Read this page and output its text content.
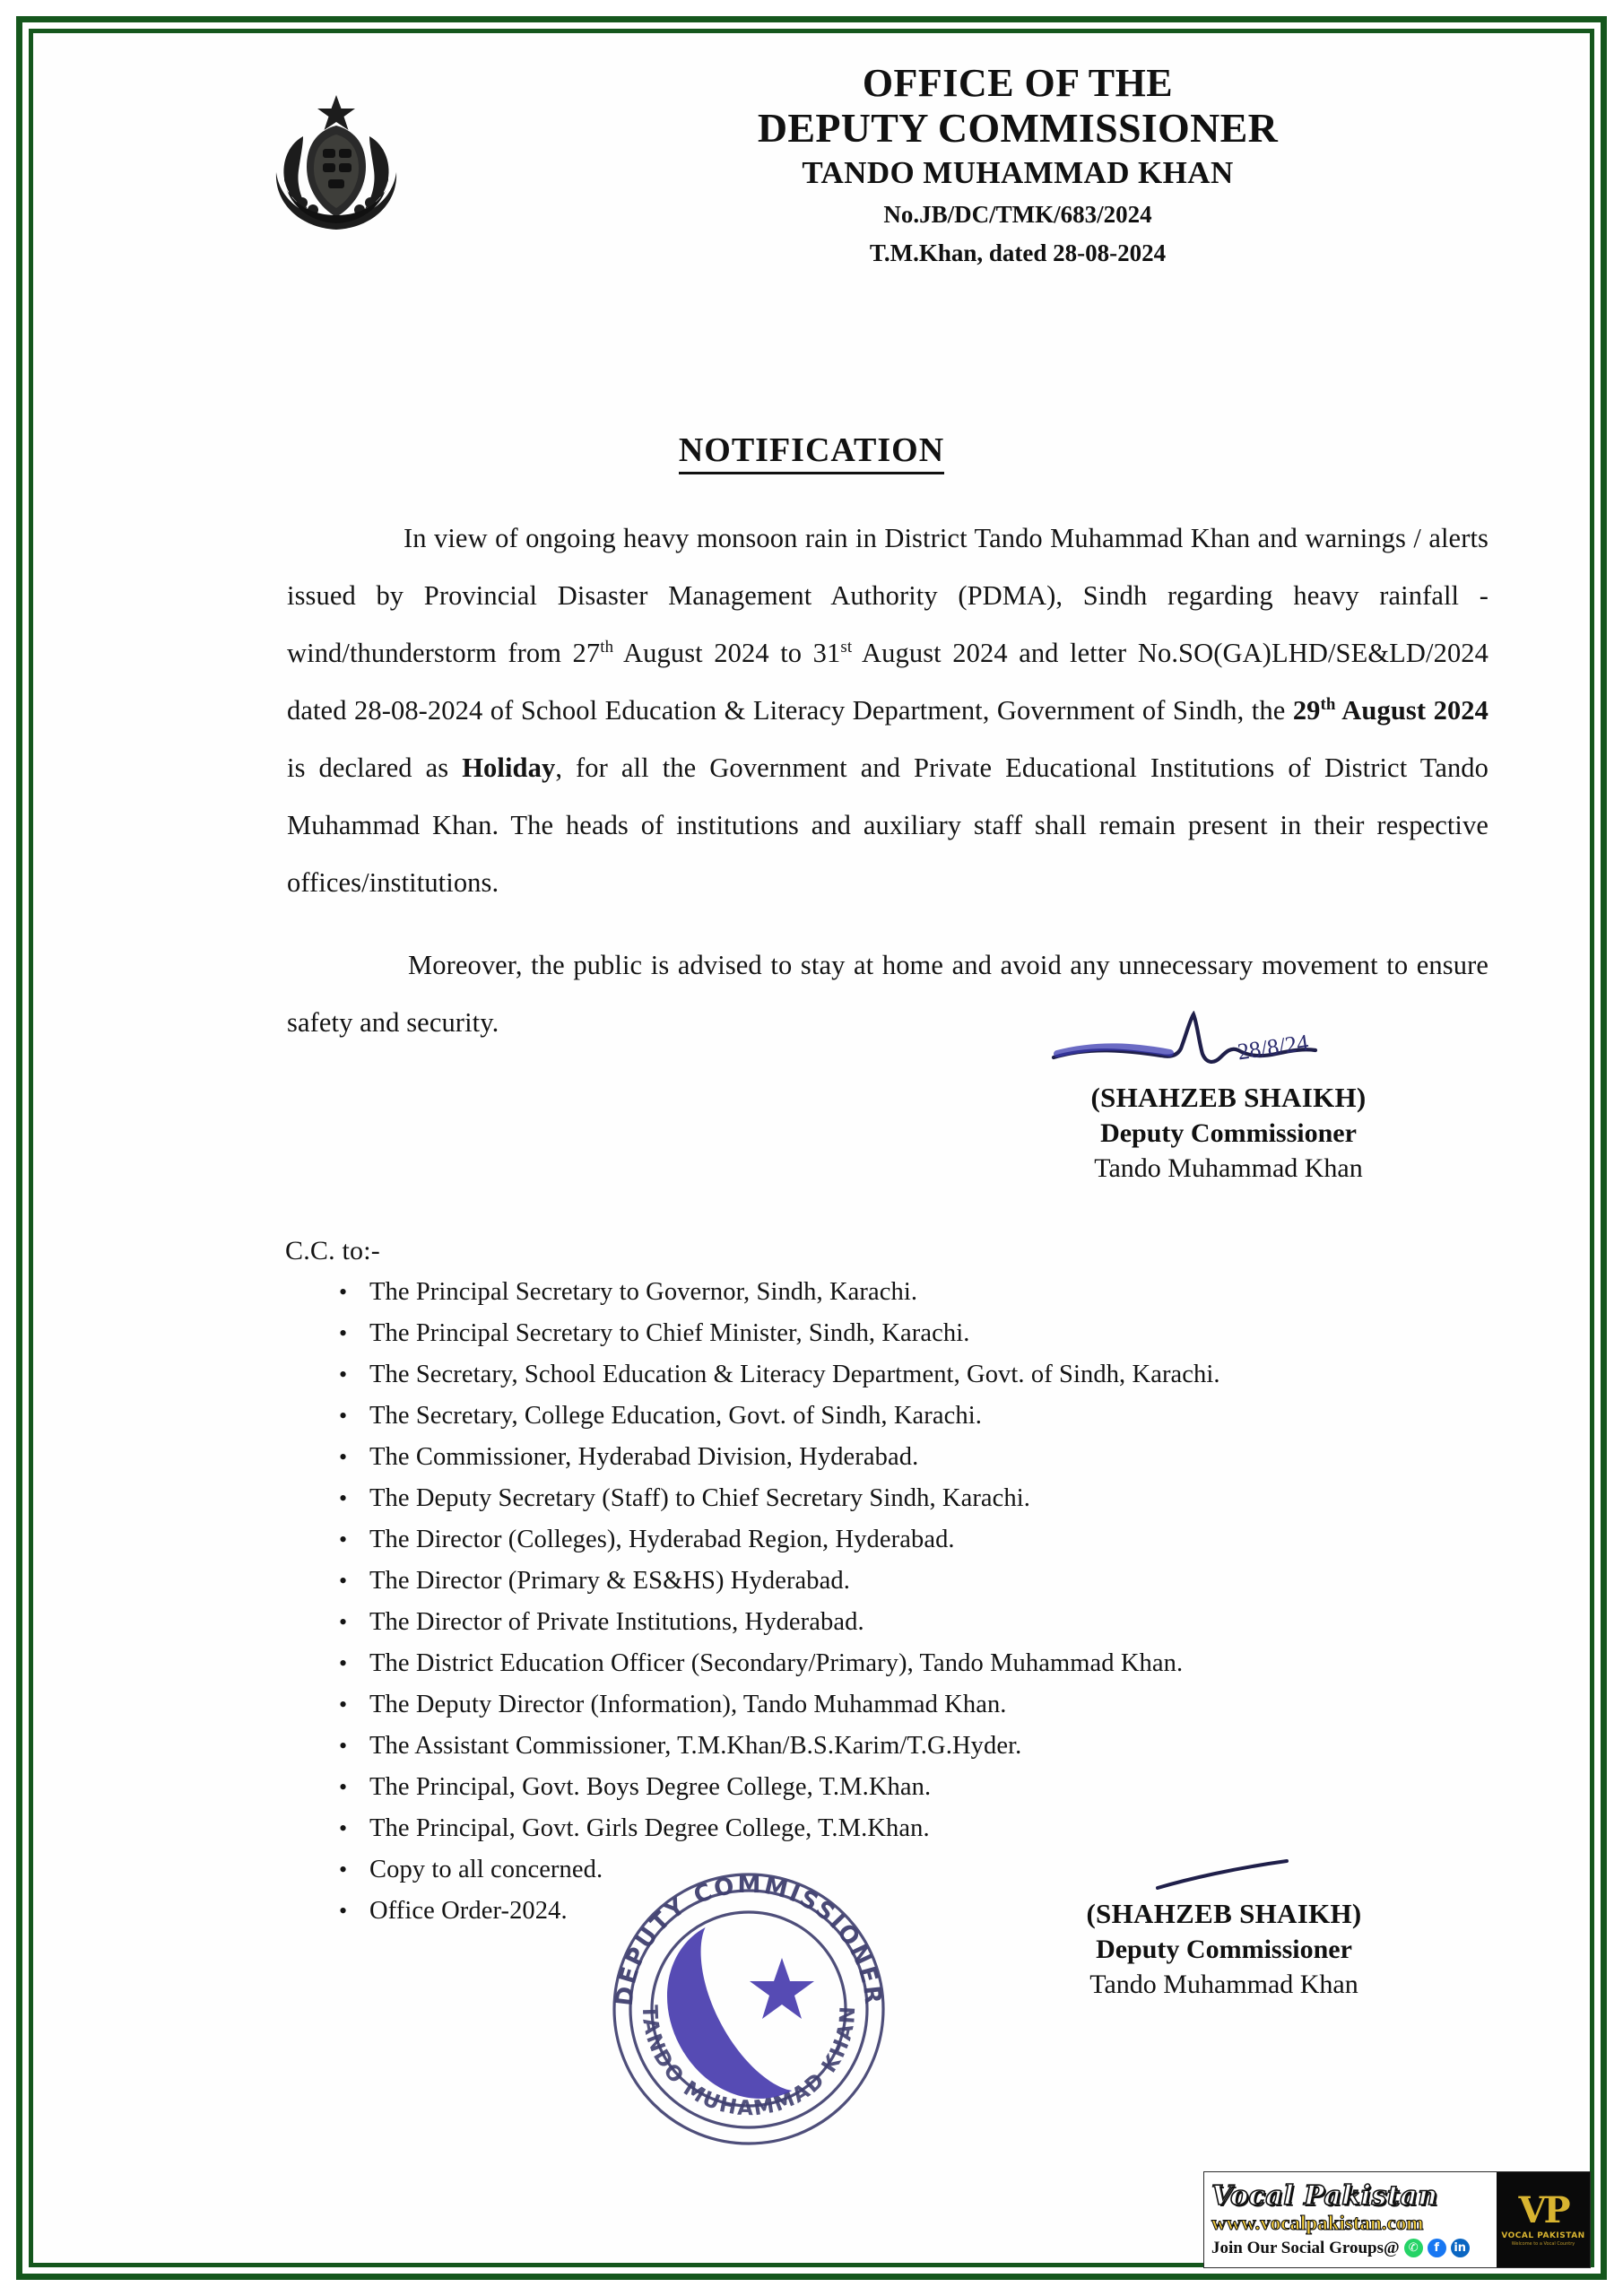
OFFICE OF THE
DEPUTY COMMISSIONER
TANDO MUHAMMAD KHAN
No.JB/DC/TMK/683/2024
T.M.Khan, dated 28-08-2024
NOTIFICATION
In view of ongoing heavy monsoon rain in District Tando Muhammad Khan and warnings / alerts issued by Provincial Disaster Management Authority (PDMA), Sindh regarding heavy rainfall - wind/thunderstorm from 27th August 2024 to 31st August 2024 and letter No.SO(GA)LHD/SE&LD/2024 dated 28-08-2024 of School Education & Literacy Department, Government of Sindh, the 29th August 2024 is declared as Holiday, for all the Government and Private Educational Institutions of District Tando Muhammad Khan. The heads of institutions and auxiliary staff shall remain present in their respective offices/institutions.
Moreover, the public is advised to stay at home and avoid any unnecessary movement to ensure safety and security.
28/8/24
(SHAHZEB SHAIKH)
Deputy Commissioner
Tando Muhammad Khan
C.C. to:-
• The Principal Secretary to Governor, Sindh, Karachi.
• The Principal Secretary to Chief Minister, Sindh, Karachi.
• The Secretary, School Education & Literacy Department, Govt. of Sindh, Karachi.
• The Secretary, College Education, Govt. of Sindh, Karachi.
• The Commissioner, Hyderabad Division, Hyderabad.
• The Deputy Secretary (Staff) to Chief Secretary Sindh, Karachi.
• The Director (Colleges), Hyderabad Region, Hyderabad.
• The Director (Primary & ES&HS) Hyderabad.
• The Director of Private Institutions, Hyderabad.
• The District Education Officer (Secondary/Primary), Tando Muhammad Khan.
• The Deputy Director (Information), Tando Muhammad Khan.
• The Assistant Commissioner, T.M.Khan/B.S.Karim/T.G.Hyder.
• The Principal, Govt. Boys Degree College, T.M.Khan.
• The Principal, Govt. Girls Degree College, T.M.Khan.
• Copy to all concerned.
• Office Order-2024.
DEPUTY COMMISSIONER
TANDO MUHAMMAD KHAN
(SHAHZEB SHAIKH)
Deputy Commissioner
Tando Muhammad Khan
Vocal Pakistan
www.vocalpakistan.com
Join Our Social Groups@ ✆	f	in
VP
VOCAL PAKISTAN
Welcome to a Vocal Country
